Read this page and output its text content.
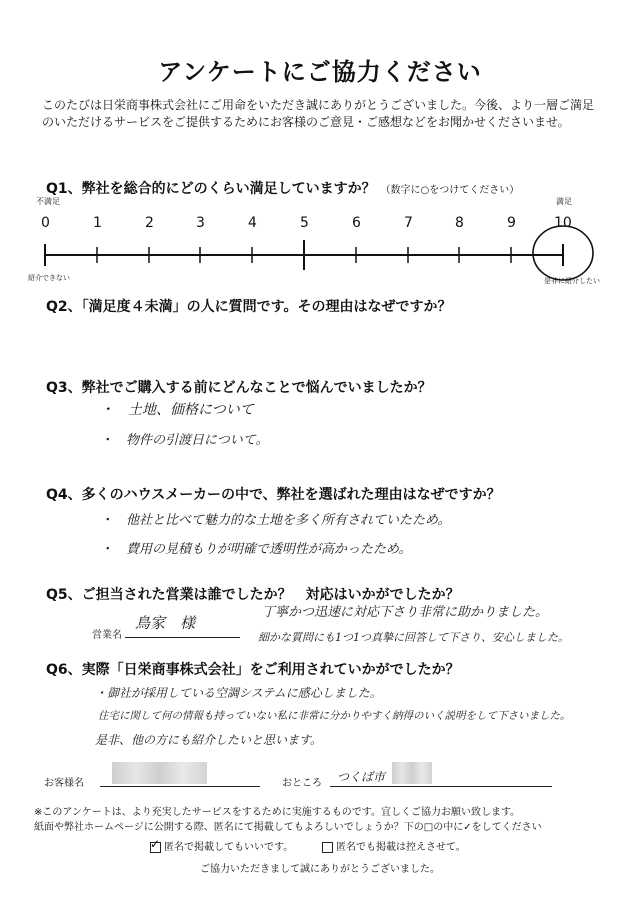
アンケートにご協力ください
このたびは日栄商事株式会社にご用命をいただき誠にありがとうございました。今後、より一層ご満足のいただけるサービスをご提供するためにお客様のご意見・ご感想などをお聞かせくださいませ。
Q1、弊社を総合的にどのくらい満足していますか？ （数字に○をつけてください）
不満足	満足
0	1	2	3	4	5	6	7	8	9	10
紹介できない	是非に紹介したい
Q2、「満足度４未満」の人に質問です。その理由はなぜですか？
Q3、弊社でご購入する前にどんなことで悩んでいましたか？
・　土地、価格について
・　物件の引渡日について。
Q4、多くのハウスメーカーの中で、弊社を選ばれた理由はなぜですか？
・　他社と比べて魅力的な土地を多く所有されていたため。
・　費用の見積もりが明確で透明性が高かったため。
Q5、ご担当された営業は誰でしたか？　対応はいかがでしたか？
営業名
鳥家　様
丁寧かつ迅速に対応下さり非常に助かりました。
細かな質問にも1つ1つ真摯に回答して下さり、安心しました。
Q6、実際「日栄商事株式会社」をご利用されていかがでしたか？
・御社が採用している空調システムに感心しました。
住宅に関して何の情報も持っていない私に非常に分かりやすく納得のいく説明をして下さいました。
是非、他の方にも紹介したいと思います。
お客様名	おところ つくば市
※このアンケートは、より充実したサービスをするために実施するものです。宜しくご協力お願い致します。
紙面や弊社ホームページに公開する際、匿名にて掲載してもよろしいでしょうか？下の□の中に✓をしてください
✓ 匿名で掲載してもいいです。	匿名でも掲載は控えさせて。
ご協力いただきまして誠にありがとうございました。
